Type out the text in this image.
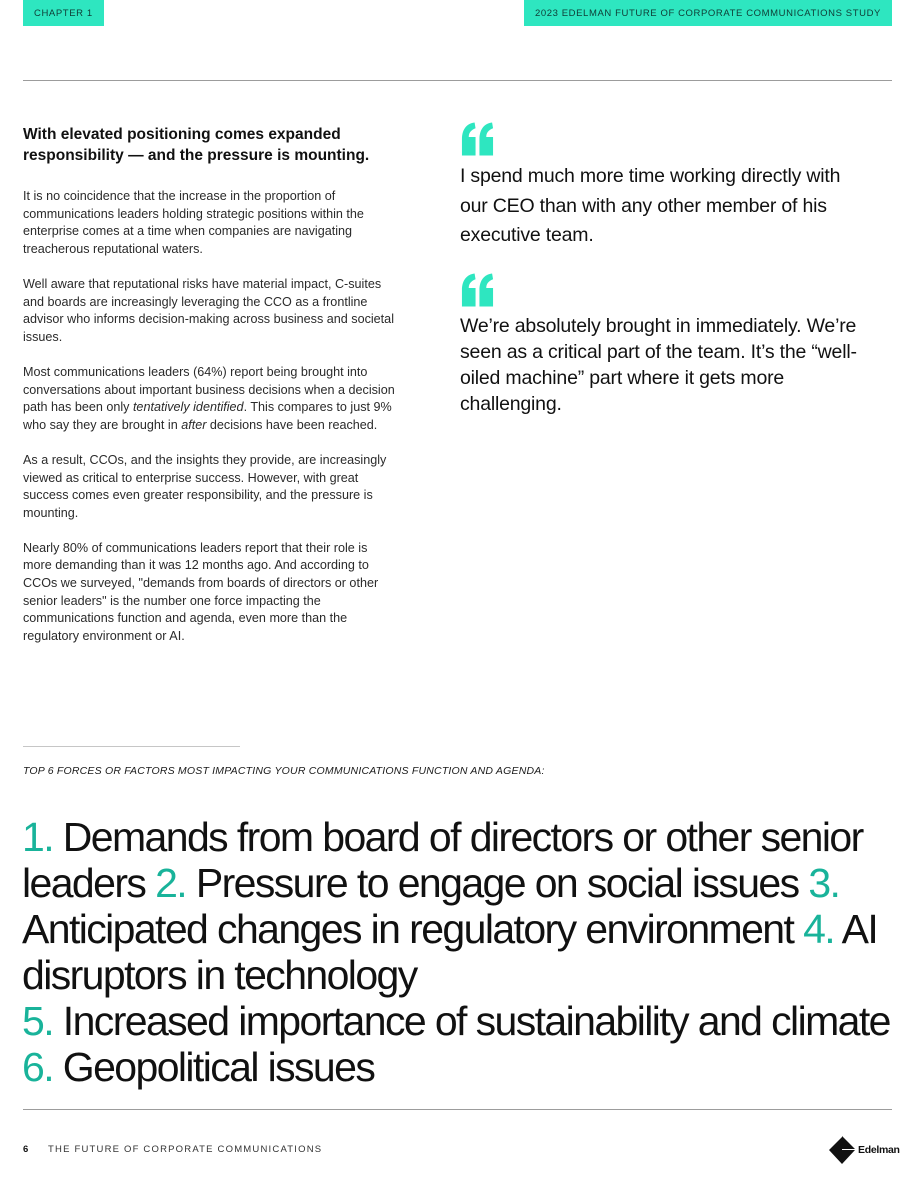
CHAPTER 1	2023 EDELMAN FUTURE OF CORPORATE COMMUNICATIONS STUDY
With elevated positioning comes expanded responsibility — and the pressure is mounting.

It is no coincidence that the increase in the proportion of communications leaders holding strategic positions within the enterprise comes at a time when companies are navigating treacherous reputational waters.

Well aware that reputational risks have material impact, C-suites and boards are increasingly leveraging the CCO as a frontline advisor who informs decision-making across business and societal issues.

Most communications leaders (64%) report being brought into conversations about important business decisions when a decision path has been only tentatively identified. This compares to just 9% who say they are brought in after decisions have been reached.

As a result, CCOs, and the insights they provide, are increasingly viewed as critical to enterprise success. However, with great success comes even greater responsibility, and the pressure is mounting.

Nearly 80% of communications leaders report that their role is more demanding than it was 12 months ago. And according to CCOs we surveyed, "demands from boards of directors or other senior leaders" is the number one force impacting the communications function and agenda, even more than the regulatory environment or AI.

I spend much more time working directly with our CEO than with any other member of his executive team.
We’re absolutely brought in immediately. We’re seen as a critical part of the team. It’s the “well-oiled machine” part where it gets more challenging.
TOP 6 FORCES OR FACTORS MOST IMPACTING YOUR COMMUNICATIONS FUNCTION AND AGENDA:
1. Demands from board of directors or other senior leaders 2. Pressure to engage on social issues 3. Anticipated changes in regulatory environment 4. AI disruptors in technology
5. Increased importance of sustainability and climate 6. Geopolitical issues
6 THE FUTURE OF CORPORATE COMMUNICATIONS	Edelman
